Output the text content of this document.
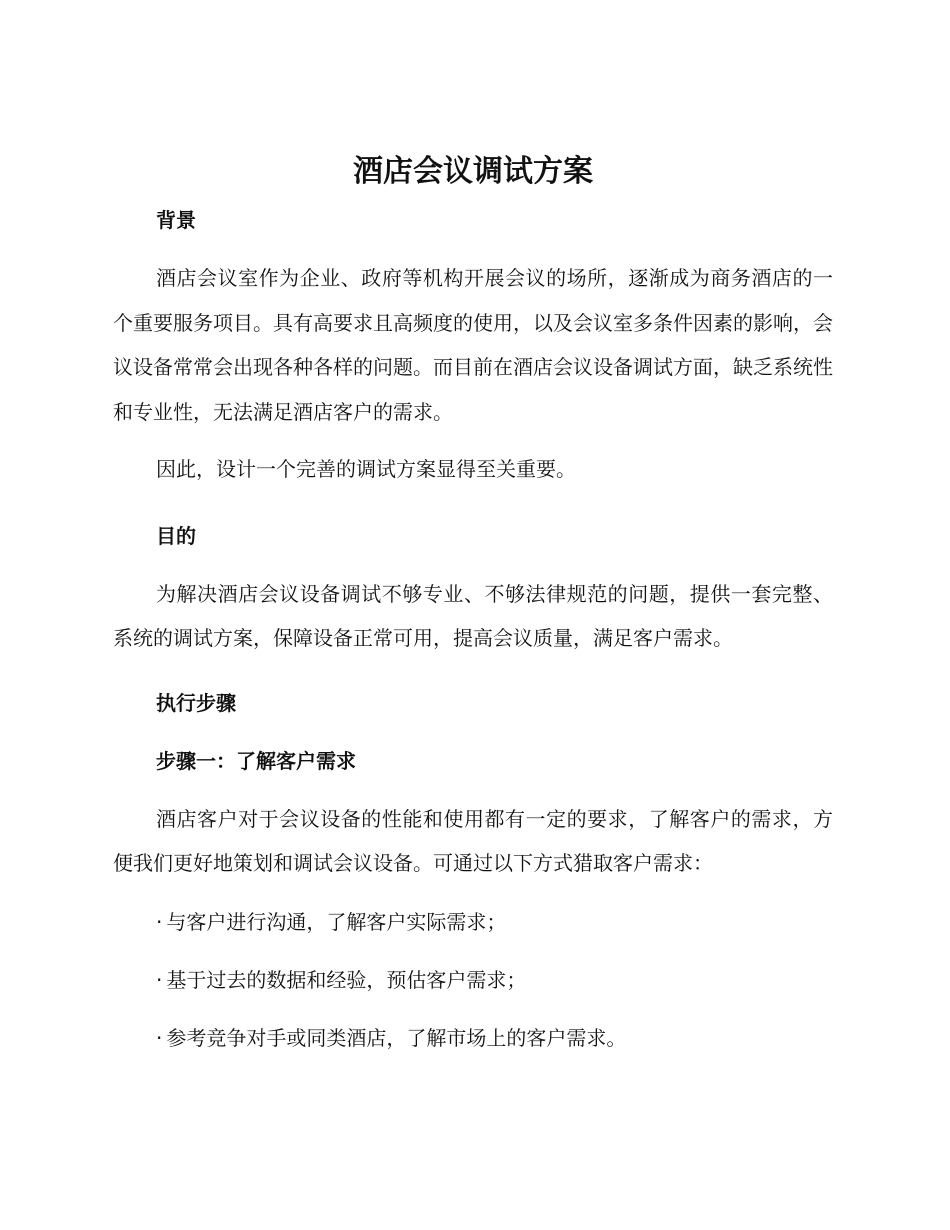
酒店会议调试方案
背景

酒店会议室作为企业、政府等机构开展会议的场所，逐渐成为商务酒店的一个重要服务项目。具有高要求且高频度的使用，以及会议室多条件因素的影响，会议设备常常会出现各种各样的问题。而目前在酒店会议设备调试方面，缺乏系统性和专业性，无法满足酒店客户的需求。

因此，设计一个完善的调试方案显得至关重要。

目的

为解决酒店会议设备调试不够专业、不够法律规范的问题，提供一套完整、系统的调试方案，保障设备正常可用，提高会议质量，满足客户需求。

执行步骤
步骤一：了解客户需求

酒店客户对于会议设备的性能和使用都有一定的要求，了解客户的需求，方便我们更好地策划和调试会议设备。可通过以下方式猎取客户需求：

· 与客户进行沟通，了解客户实际需求；
· 基于过去的数据和经验，预估客户需求；
· 参考竞争对手或同类酒店，了解市场上的客户需求。
